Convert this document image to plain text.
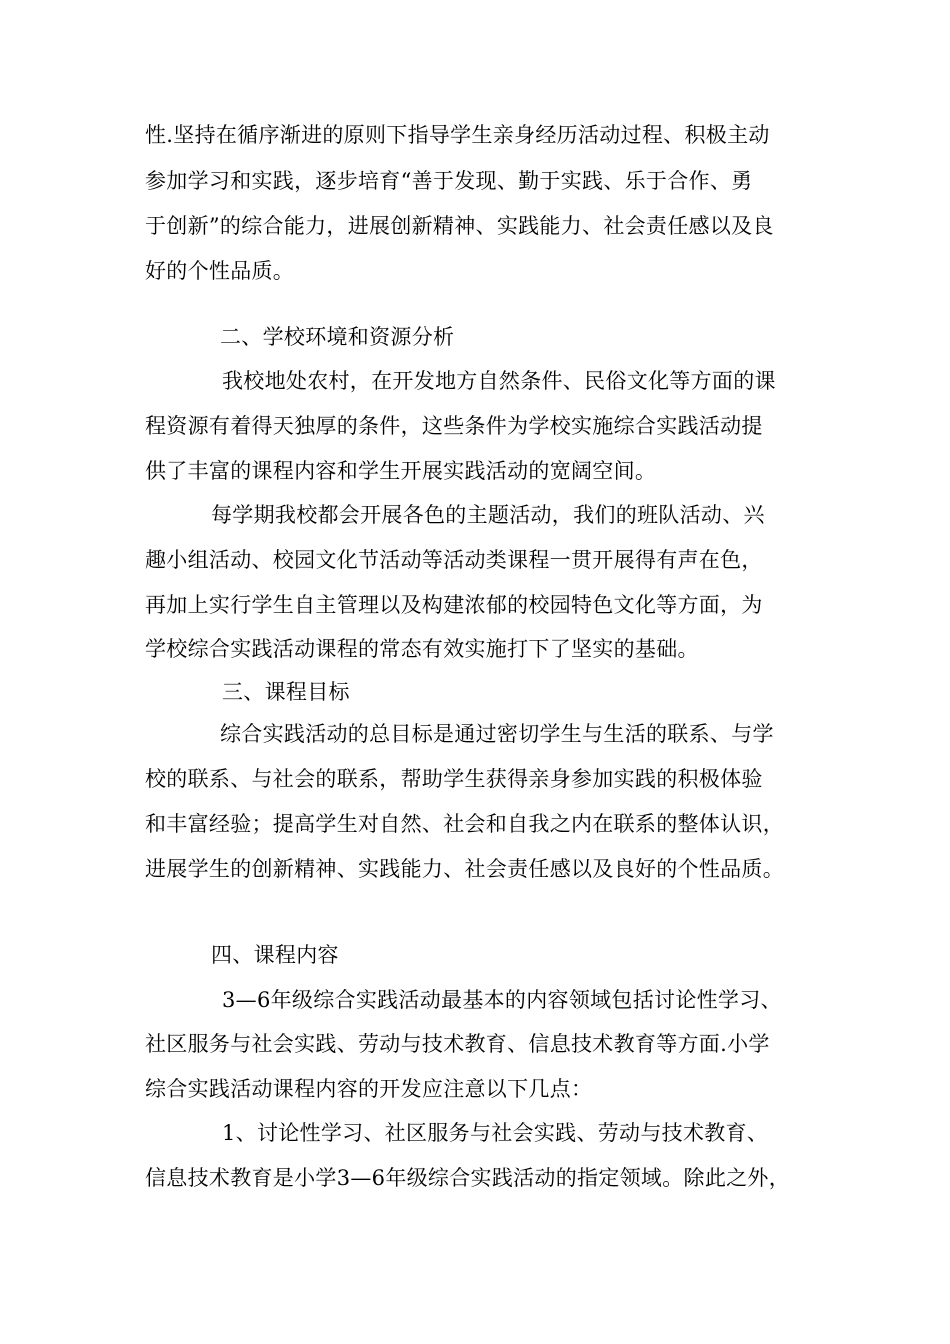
性.坚持在循序渐进的原则下指导学生亲身经历活动过程、积极主动
参加学习和实践，逐步培育“善于发现、勤于实践、乐于合作、勇
于创新”的综合能力，进展创新精神、实践能力、社会责任感以及良
好的个性品质。
二、学校环境和资源分析
我校地处农村，在开发地方自然条件、民俗文化等方面的课
程资源有着得天独厚的条件，这些条件为学校实施综合实践活动提
供了丰富的课程内容和学生开展实践活动的宽阔空间。
每学期我校都会开展各色的主题活动，我们的班队活动、兴
趣小组活动、校园文化节活动等活动类课程一贯开展得有声在色，
再加上实行学生自主管理以及构建浓郁的校园特色文化等方面，为
学校综合实践活动课程的常态有效实施打下了坚实的基础。
三、课程目标
综合实践活动的总目标是通过密切学生与生活的联系、与学
校的联系、与社会的联系，帮助学生获得亲身参加实践的积极体验
和丰富经验；提高学生对自然、社会和自我之内在联系的整体认识，
进展学生的创新精神、实践能力、社会责任感以及良好的个性品质。
四、课程内容
3—6年级综合实践活动最基本的内容领域包括讨论性学习、
社区服务与社会实践、劳动与技术教育、信息技术教育等方面.小学
综合实践活动课程内容的开发应注意以下几点：
1、讨论性学习、社区服务与社会实践、劳动与技术教育、
信息技术教育是小学3—6年级综合实践活动的指定领域。除此之外，
